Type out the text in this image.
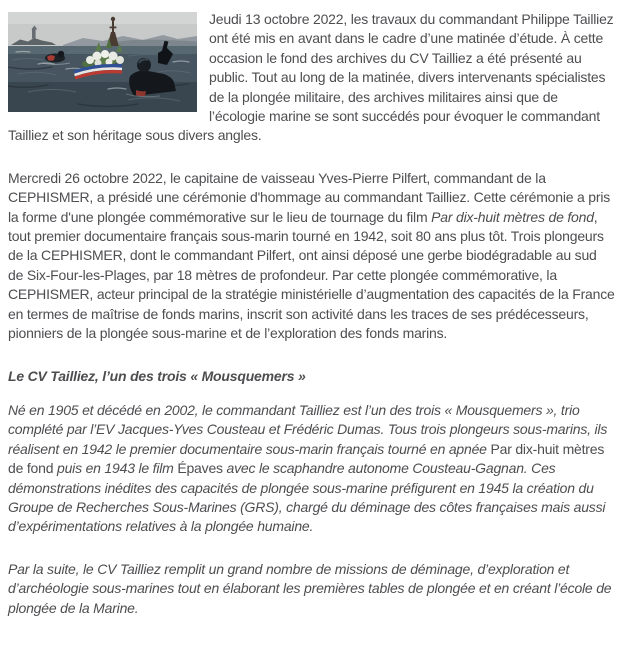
Jeudi 13 octobre 2022, les travaux du commandant Philippe Tailliez ont été mis en avant dans le cadre d’une matinée d’étude. À cette occasion le fond des archives du CV Tailliez a été présenté au public. Tout au long de la matinée, divers intervenants spécialistes de la plongée militaire, des archives militaires ainsi que de l’écologie marine se sont succédés pour évoquer le commandant Tailliez et son héritage sous divers angles.

Mercredi 26 octobre 2022, le capitaine de vaisseau Yves-Pierre Pilfert, commandant de la CEPHISMER, a présidé une cérémonie d'hommage au commandant Tailliez. Cette cérémonie a pris la forme d'une plongée commémorative sur le lieu de tournage du film Par dix-huit mètres de fond, tout premier documentaire français sous-marin tourné en 1942, soit 80 ans plus tôt. Trois plongeurs de la CEPHISMER, dont le commandant Pilfert, ont ainsi déposé une gerbe biodégradable au sud de Six-Four-les-Plages, par 18 mètres de profondeur. Par cette plongée commémorative, la CEPHISMER, acteur principal de la stratégie ministérielle d’augmentation des capacités de la France en termes de maîtrise de fonds marins, inscrit son activité dans les traces de ses prédécesseurs, pionniers de la plongée sous-marine et de l’exploration des fonds marins.

Le CV Tailliez, l’un des trois « Mousquemers »

Né en 1905 et décédé en 2002, le commandant Tailliez est l’un des trois « Mousquemers », trio complété par l’EV Jacques-Yves Cousteau et Frédéric Dumas. Tous trois plongeurs sous-marins, ils réalisent en 1942 le premier documentaire sous-marin français tourné en apnée Par dix-huit mètres de fond puis en 1943 le film Épaves avec le scaphandre autonome Cousteau-Gagnan. Ces démonstrations inédites des capacités de plongée sous-marine préfigurent en 1945 la création du Groupe de Recherches Sous-Marines (GRS), chargé du déminage des côtes françaises mais aussi d’expérimentations relatives à la plongée humaine.

Par la suite, le CV Tailliez remplit un grand nombre de missions de déminage, d’exploration et d’archéologie sous-marines tout en élaborant les premières tables de plongée et en créant l’école de plongée de la Marine.
